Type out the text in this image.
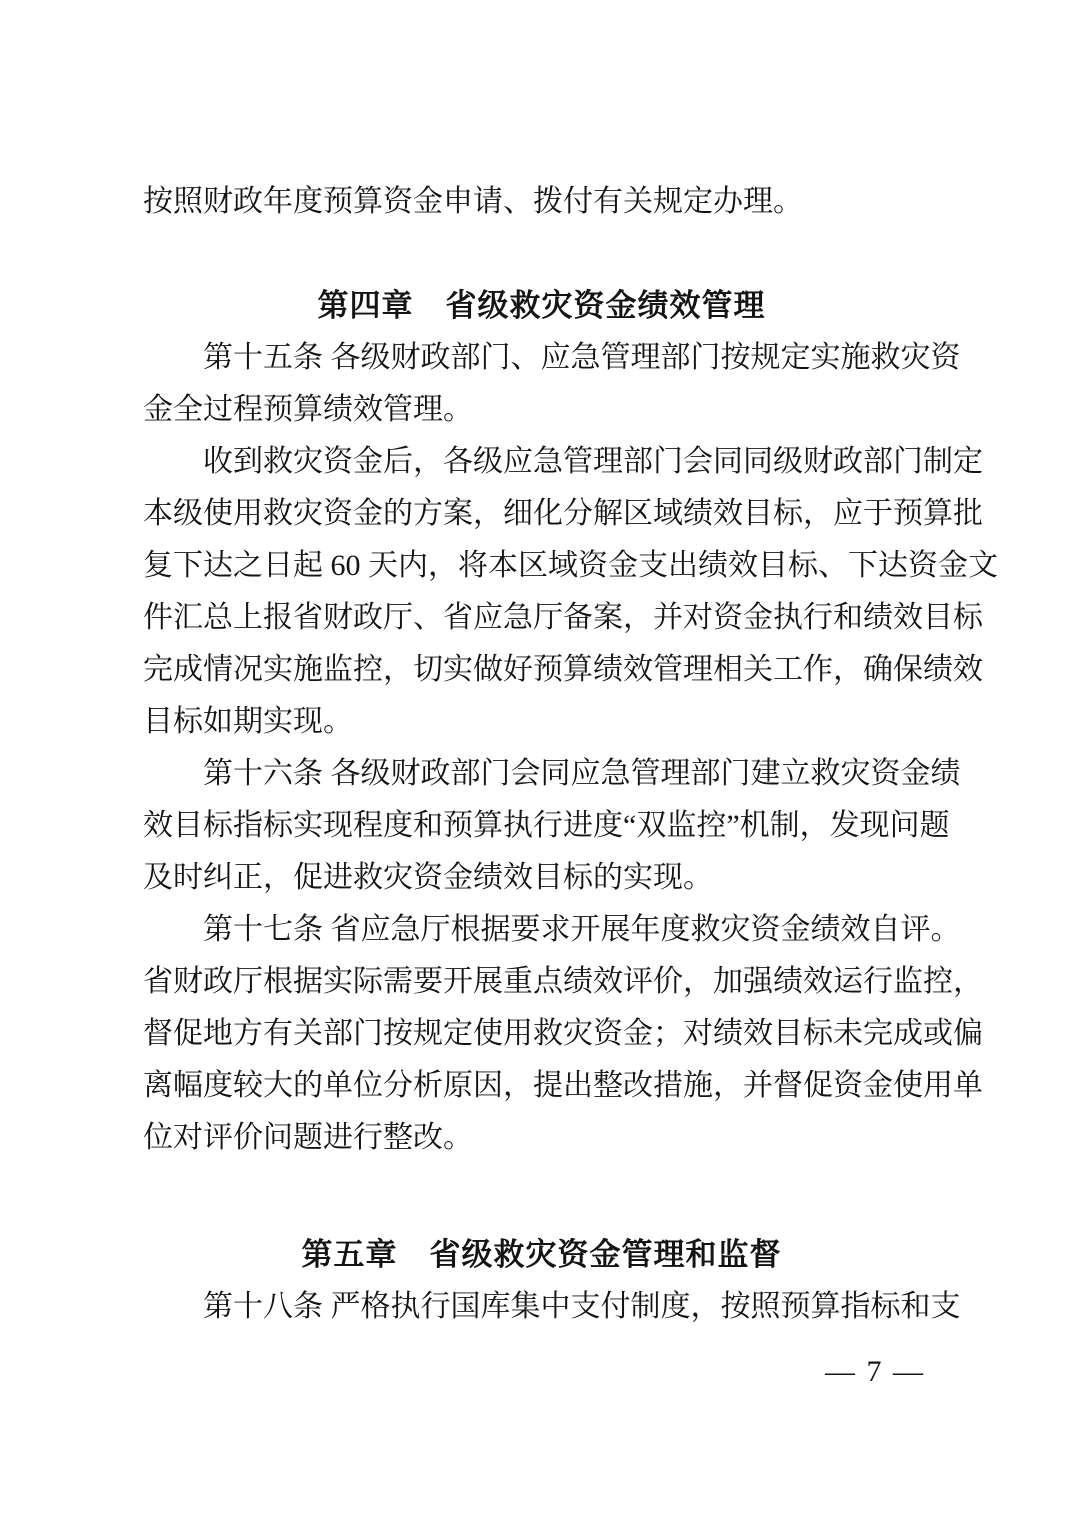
按照财政年度预算资金申请、拨付有关规定办理。
第四章　省级救灾资金绩效管理
　　第十五条 各级财政部门、应急管理部门按规定实施救灾资
金全过程预算绩效管理。
　　收到救灾资金后，各级应急管理部门会同同级财政部门制定
本级使用救灾资金的方案，细化分解区域绩效目标，应于预算批
复下达之日起 60 天内，将本区域资金支出绩效目标、下达资金文
件汇总上报省财政厅、省应急厅备案，并对资金执行和绩效目标
完成情况实施监控，切实做好预算绩效管理相关工作，确保绩效
目标如期实现。
　　第十六条 各级财政部门会同应急管理部门建立救灾资金绩
效目标指标实现程度和预算执行进度“双监控”机制，发现问题
及时纠正，促进救灾资金绩效目标的实现。
　　第十七条 省应急厅根据要求开展年度救灾资金绩效自评。
省财政厅根据实际需要开展重点绩效评价，加强绩效运行监控，
督促地方有关部门按规定使用救灾资金；对绩效目标未完成或偏
离幅度较大的单位分析原因，提出整改措施，并督促资金使用单
位对评价问题进行整改。
第五章　省级救灾资金管理和监督
　　第十八条 严格执行国库集中支付制度，按照预算指标和支
— 7 —
